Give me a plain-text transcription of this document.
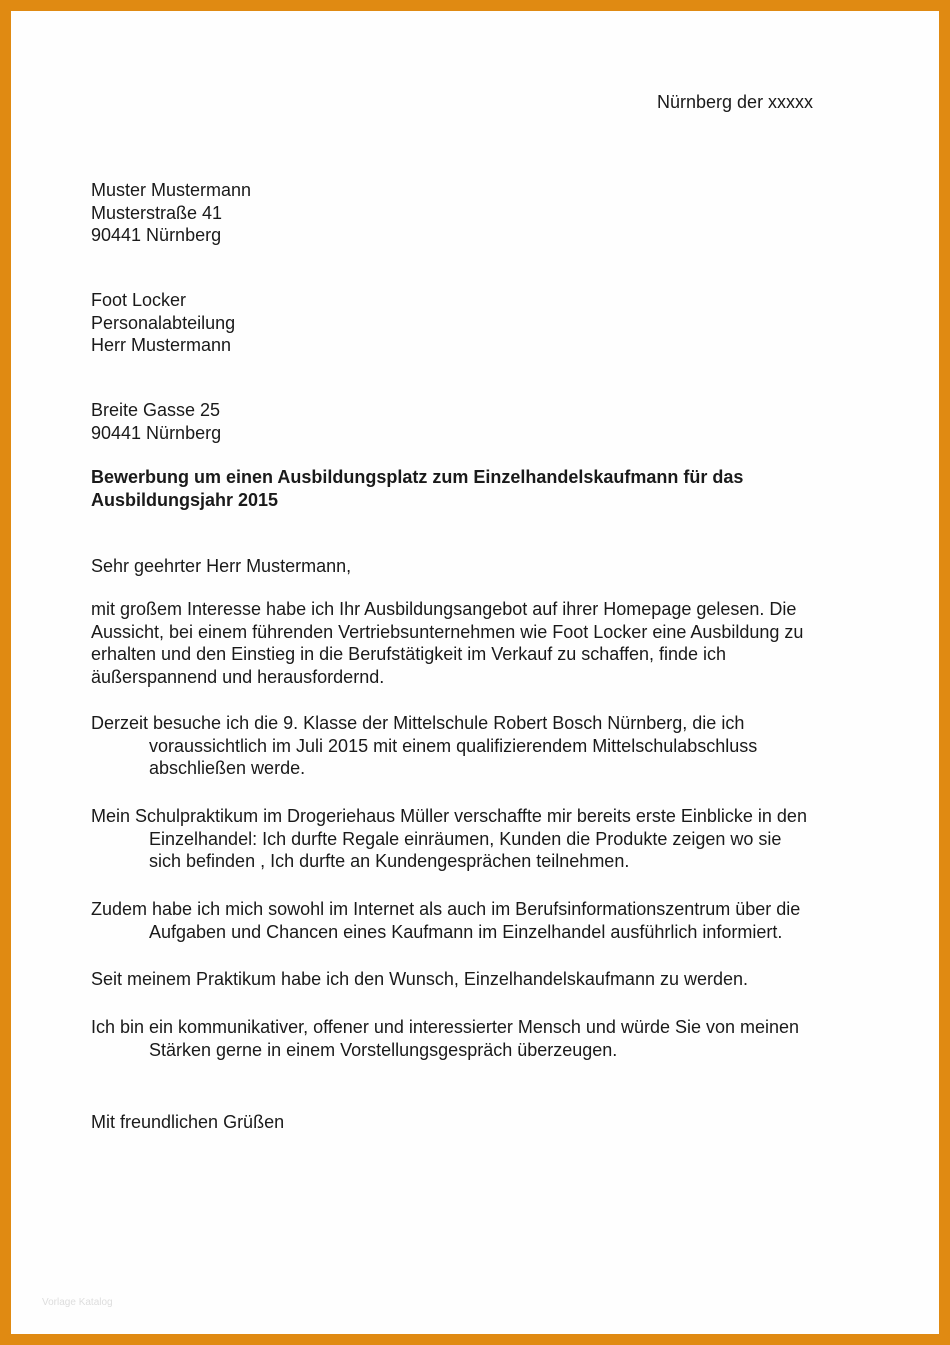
Nürnberg der xxxxx
Muster Mustermann
Musterstraße 41
90441 Nürnberg
Foot Locker
Personalabteilung
Herr Mustermann
Breite Gasse 25
90441 Nürnberg
Bewerbung um einen Ausbildungsplatz zum Einzelhandelskaufmann für das
Ausbildungsjahr 2015
Sehr geehrter Herr Mustermann,
mit großem Interesse habe ich Ihr Ausbildungsangebot auf ihrer Homepage gelesen. Die
Aussicht, bei einem führenden Vertriebsunternehmen wie Foot Locker eine Ausbildung zu
erhalten und den Einstieg in die Berufstätigkeit im Verkauf zu schaffen, finde ich
äußerspannend und herausfordernd.
Derzeit besuche ich die 9. Klasse der Mittelschule Robert Bosch Nürnberg, die ich
voraussichtlich im Juli 2015 mit einem qualifizierendem Mittelschulabschluss
abschließen werde.
Mein Schulpraktikum im Drogeriehaus Müller verschaffte mir bereits erste Einblicke in den
Einzelhandel: Ich durfte Regale einräumen, Kunden die Produkte zeigen wo sie
sich befinden , Ich durfte an Kundengesprächen teilnehmen.
Zudem habe ich mich sowohl im Internet als auch im Berufsinformationszentrum über die
Aufgaben und Chancen eines Kaufmann im Einzelhandel ausführlich informiert.
Seit meinem Praktikum habe ich den Wunsch, Einzelhandelskaufmann zu werden.
Ich bin ein kommunikativer, offener und interessierter Mensch und würde Sie von meinen
Stärken gerne in einem Vorstellungsgespräch überzeugen.
Mit freundlichen Grüßen
Vorlage Katalog
